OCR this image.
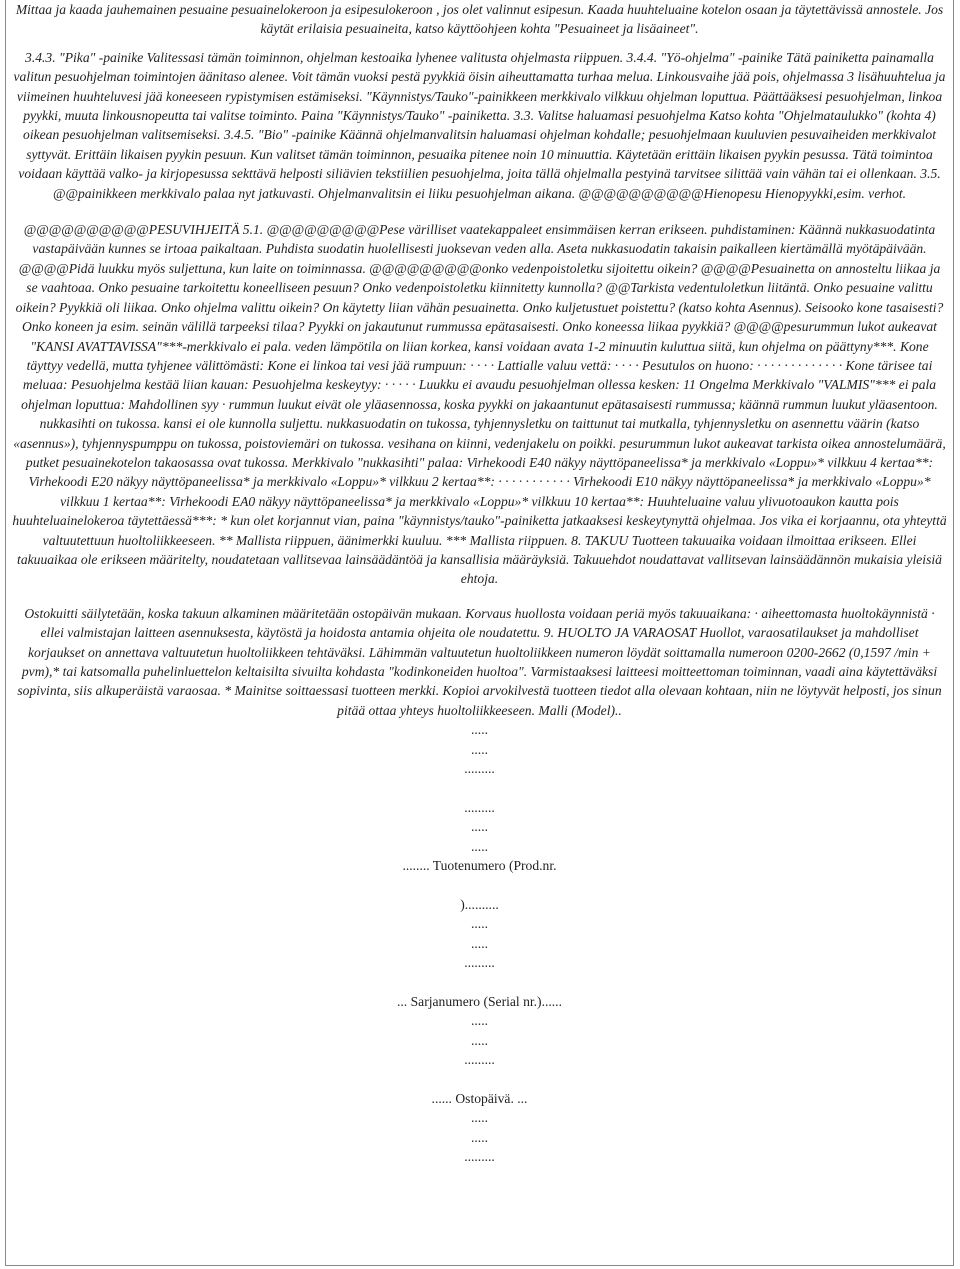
Mittaa ja kaada jauhemainen pesuaine pesuainelokeroon ja esipesulokeroon , jos olet valinnut esipesun. Kaada huuhteluaine kotelon osaan ja täytettävissä annostele. Jos käytät erilaisia pesuaineita, katso käyttöohjeen kohta "Pesuaineet ja lisäaineet".

3.4.3. "Pika" -painike Valitessasi tämän toiminnon, ohjelman kestoaika lyhenee valitusta ohjelmasta riippuen. 3.4.4. "Yö-ohjelma" -painike Tätä painiketta painamalla valitun pesuohjelman toimintojen äänitaso alenee. Voit tämän vuoksi pestä pyykkiä öisin aiheuttamatta turhaa melua. Linkousvaihe jää pois, ohjelmassa 3 lisähuuhtelua ja viimeinen huuhteluvesi jää koneeseen rypistymisen estämiseksi. "Käynnistys/Tauko"-painikkeen merkkivalo vilkkuu ohjelman loputtua. Päättääksesi pesuohjelman, linkoa pyykki, muuta linkousnopeutta tai valitse toiminto. Paina "Käynnistys/Tauko" -painiketta. 3.3. Valitse haluamasi pesuohjelma Katso kohta "Ohjelmataulukko" (kohta 4) oikean pesuohjelman valitsemiseksi. 3.4.5. "Bio" -painike Käännä ohjelmanvalitsin haluamasi ohjelman kohdalle; pesuohjelmaan kuuluvien pesuvaiheiden merkkivalot syttyvät. Erittäin likaisen pyykin pesuun. Kun valitset tämän toiminnon, pesuaika pitenee noin 10 minuuttia. Käytetään erittäin likaisen pyykin pesussa. Tätä toimintoa voidaan käyttää valko- ja kirjopesussa sekttävä helposti siliävien tekstiilien pesuohjelma, joita tällä ohjelmalla pestyinä tarvitsee silittää vain vähän tai ei ollenkaan. 3.5. @@painikkeen merkkivalo palaa nyt jatkuvasti. Ohjelmanvalitsin ei liiku pesuohjelman aikana. @@@@@@@@@@Hienopesu Hienopyykki,esim. verhot.

@@@@@@@@@@PESUVIHJEITÄ 5.1. @@@@@@@@@Pese värilliset vaatekappaleet ensimmäisen kerran erikseen. puhdistaminen: Käännä nukkasuodatinta vastapäivään kunnes se irtoaa paikaltaan. Puhdista suodatin huolellisesti juoksevan veden alla. Aseta nukkasuodatin takaisin paikalleen kiertämällä myötäpäivään. @@@@Pidä luukku myös suljettuna, kun laite on toiminnassa. @@@@@@@@@onko vedenpoistoletku sijoitettu oikein? @@@@Pesuainetta on annosteltu liikaa ja se vaahtoaa. Onko pesuaine tarkoitettu koneelliseen pesuun? Onko vedenpoistoletku kiinnitetty kunnolla? @@Tarkista vedentuloletkun liitäntä. Onko pesuaine valittu oikein? Pyykkiä oli liikaa. Onko ohjelma valittu oikein? On käytetty liian vähän pesuainetta. Onko kuljetustuet poistettu? (katso kohta Asennus). Seisooko kone tasaisesti? Onko koneen ja esim. seinän välillä tarpeeksi tilaa? Pyykki on jakautunut rummussa epätasaisesti. Onko koneessa liikaa pyykkiä? @@@@pesurummun lukot aukeavat "KANSI AVATTAVISSA"***-merkkivalo ei pala. veden lämpötila on liian korkea, kansi voidaan avata 1-2 minuutin kuluttua siitä, kun ohjelma on päättyny***. Kone täyttyy vedellä, mutta tyhjenee välittömästi: Kone ei linkoa tai vesi jää rumpuun: · · · · Lattialle valuu vettä: · · · · Pesutulos on huono: · · · · · · · · · · · · · Kone tärisee tai meluaa: Pesuohjelma kestää liian kauan: Pesuohjelma keskeytyy: · · · · · Luukku ei avaudu pesuohjelman ollessa kesken: 11 Ongelma Merkkivalo "VALMIS"*** ei pala ohjelman loputtua: Mahdollinen syy · rummun luukut eivät ole yläasennossa, koska pyykki on jakaantunut epätasaisesti rummussa; käännä rummun luukut yläasentoon. nukkasihti on tukossa. kansi ei ole kunnolla suljettu. nukkasuodatin on tukossa, tyhjennysletku on taittunut tai mutkalla, tyhjennysletku on asennettu väärin (katso «asennus»), tyhjennyspumppu on tukossa, poistoviemäri on tukossa. vesihana on kiinni, vedenjakelu on poikki. pesurummun lukot aukeavat tarkista oikea annostelumäärä, putket pesuainekotelon takaosassa ovat tukossa. Merkkivalo "nukkasihti" palaa: Virhekoodi E40 näkyy näyttöpaneelissa* ja merkkivalo «Loppu»* vilkkuu 4 kertaa**: Virhekoodi E20 näkyy näyttöpaneelissa* ja merkkivalo «Loppu»* vilkkuu 2 kertaa**: · · · · · · · · · · · Virhekoodi E10 näkyy näyttöpaneelissa* ja merkkivalo «Loppu»* vilkkuu 1 kertaa**: Virhekoodi EA0 näkyy näyttöpaneelissa* ja merkkivalo «Loppu»* vilkkuu 10 kertaa**: Huuhteluaine valuu ylivuotoaukon kautta pois huuhteluainelokeroa täytettäessä***: * kun olet korjannut vian, paina "käynnistys/tauko"-painiketta jatkaaksesi keskeytynyttä ohjelmaa. Jos vika ei korjaannu, ota yhteyttä valtuutettuun huoltoliikkeeseen. ** Mallista riippuen, äänimerkki kuuluu. *** Mallista riippuen. 8. TAKUU Tuotteen takuuaika voidaan ilmoittaa erikseen. Ellei takuuaikaa ole erikseen määritelty, noudatetaan vallitsevaa lainsäädäntöä ja kansallisia määräyksiä. Takuuehdot noudattavat vallitsevan lainsäädännön mukaisia yleisiä ehtoja.

Ostokuitti säilytetään, koska takuun alkaminen määritetään ostopäivän mukaan. Korvaus huollosta voidaan periä myös takuuaikana: · aiheettomasta huoltokäynnistä · ellei valmistajan laitteen asennuksesta, käytöstä ja hoidosta antamia ohjeita ole noudatettu. 9. HUOLTO JA VARAOSAT Huollot, varaosatilaukset ja mahdolliset korjaukset on annettava valtuutetun huoltoliikkeen tehtäväksi. Lähimmän valtuutetun huoltoliikkeen numeron löydät soittamalla numeroon 0200-2662 (0,1597 /min + pvm),* tai katsomalla puhelinluettelon keltaisilta sivuilta kohdasta "kodinkoneiden huoltoa". Varmistaaksesi laitteesi moitteettoman toiminnan, vaadi aina käytettäväksi sopivinta, siis alkuperäistä varaosaa. * Mainitse soittaessasi tuotteen merkki. Kopioi arvokilvestä tuotteen tiedot alla olevaan kohtaan, niin ne löytyvät helposti, jos sinun pitää ottaa yhteys huoltoliikkeeseen. Malli (Model)..

.....

.....

.........

.........

.....

.....

........ Tuotenumero (Prod.nr.

)..........

.....

.....

.........

... Sarjanumero (Serial nr.)......

.....

.....

.........

...... Ostopäivä. ...

.....

.....

.........
